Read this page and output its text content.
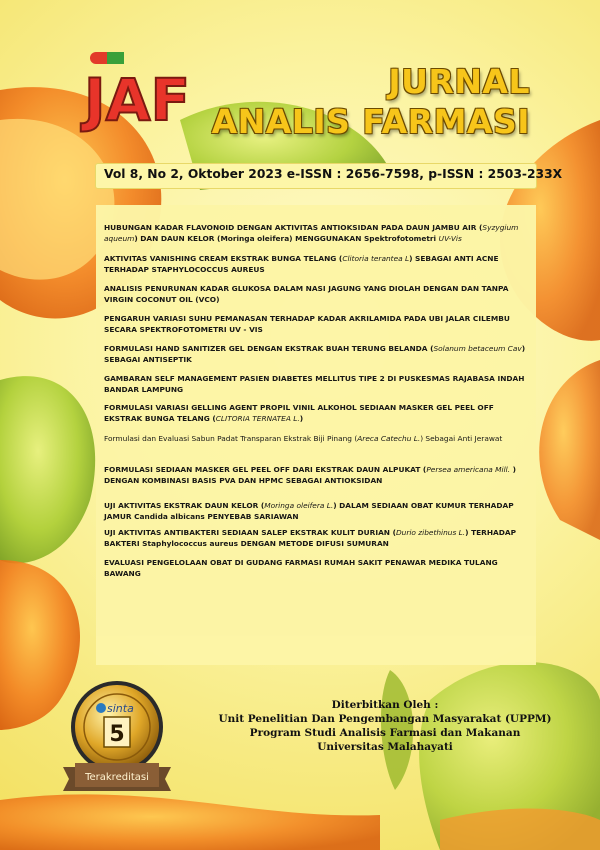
JAF	JURNAL
ANALIS FARMASI
Vol 8, No 2, Oktober 2023 e-ISSN : 2656-7598, p-ISSN : 2503-233X
HUBUNGAN KADAR FLAVONOID DENGAN AKTIVITAS ANTIOKSIDAN PADA DAUN JAMBU AIR (Syzygium aqueum) DAN DAUN KELOR (Moringa oleifera) MENGGUNAKAN Spektrofotometri UV-Vis
AKTIVITAS VANISHING CREAM EKSTRAK BUNGA TELANG (Clitoria terantea L) SEBAGAI ANTI ACNE TERHADAP STAPHYLOCOCCUS AUREUS
ANALISIS PENURUNAN KADAR GLUKOSA DALAM NASI JAGUNG YANG DIOLAH DENGAN DAN TANPA VIRGIN COCONUT OIL (VCO)
PENGARUH VARIASI SUHU PEMANASAN TERHADAP KADAR AKRILAMIDA PADA UBI JALAR CILEMBU SECARA SPEKTROFOTOMETRI UV - VIS
FORMULASI HAND SANITIZER GEL DENGAN EKSTRAK BUAH TERUNG BELANDA (Solanum betaceum Cav) SEBAGAI ANTISEPTIK
GAMBARAN SELF MANAGEMENT PASIEN DIABETES MELLITUS TIPE 2 DI PUSKESMAS RAJABASA INDAH BANDAR LAMPUNG
FORMULASI VARIASI GELLING AGENT PROPIL VINIL ALKOHOL SEDIAAN MASKER GEL PEEL OFF EKSTRAK BUNGA TELANG (CLITORIA TERNATEA L.)
Formulasi dan Evaluasi Sabun Padat Transparan Ekstrak Biji Pinang (Areca Catechu L.) Sebagai Anti Jerawat
FORMULASI SEDIAAN MASKER GEL PEEL OFF DARI EKSTRAK DAUN ALPUKAT (Persea americana Mill. ) DENGAN KOMBINASI BASIS PVA DAN HPMC SEBAGAI ANTIOKSIDAN
UJI AKTIVITAS EKSTRAK DAUN KELOR (Moringa oleifera L.) DALAM SEDIAAN OBAT KUMUR TERHADAP JAMUR Candida albicans PENYEBAB SARIAWAN
UJI AKTIVITAS ANTIBAKTERI SEDIAAN SALEP EKSTRAK KULIT DURIAN (Durio zibethinus L.) TERHADAP BAKTERI Staphylococcus aureus DENGAN METODE DIFUSI SUMURAN
EVALUASI PENGELOLAAN OBAT DI GUDANG FARMASI RUMAH SAKIT PENAWAR MEDIKA TULANG BAWANG
sinta
5
Terakreditasi
Diterbitkan Oleh :
Unit Penelitian Dan Pengembangan Masyarakat (UPPM)
Program Studi Analisis Farmasi dan Makanan
Universitas Malahayati
